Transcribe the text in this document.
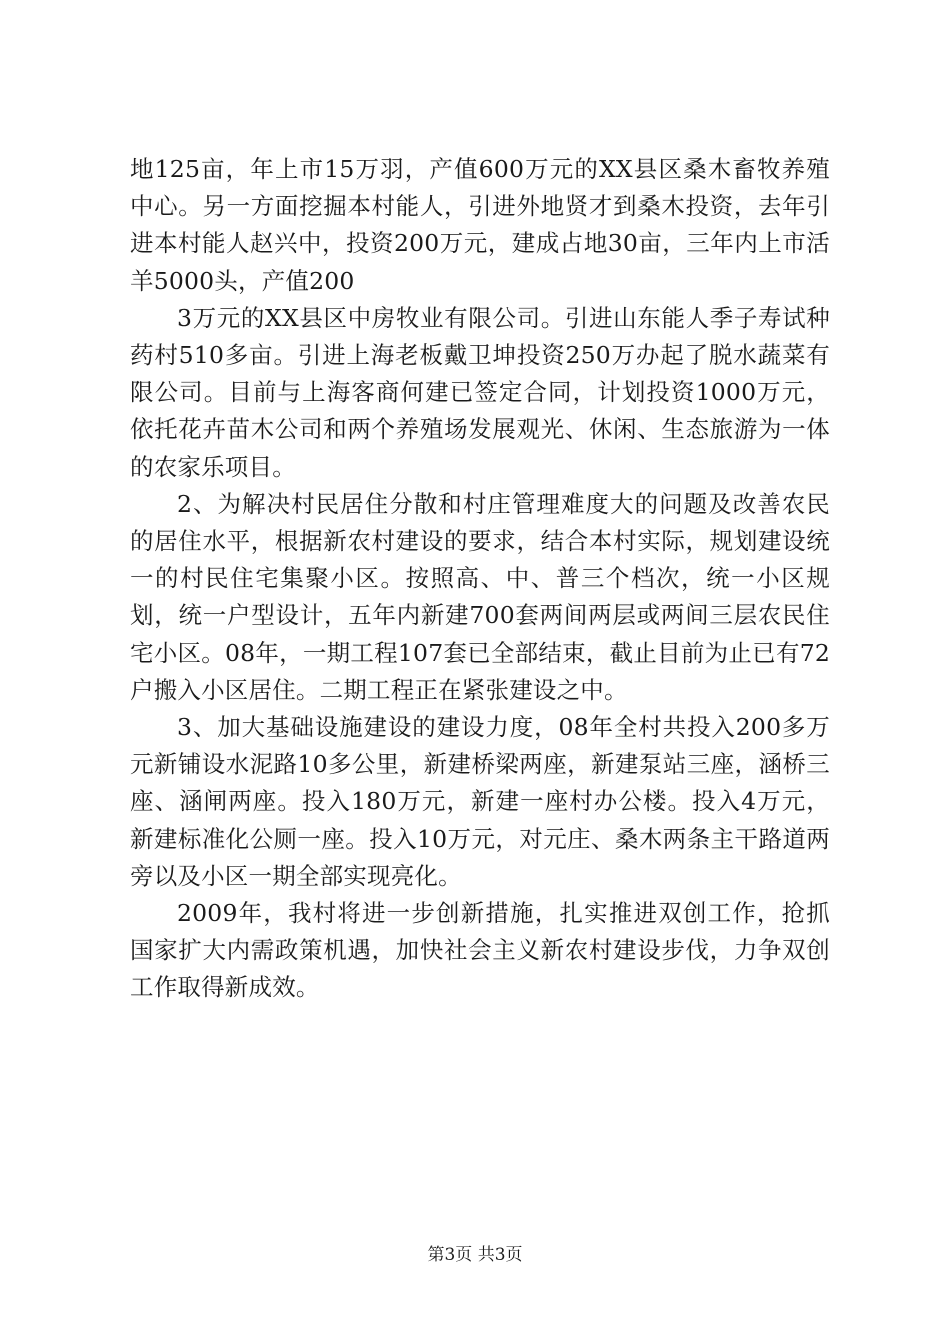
地125亩，年上市15万羽，产值600万元的XX县区桑木畜牧养殖中心。另一方面挖掘本村能人，引进外地贤才到桑木投资，去年引进本村能人赵兴中，投资200万元，建成占地30亩，三年内上市活羊5000头，产值200

3万元的XX县区中房牧业有限公司。引进山东能人季子寿试种药村510多亩。引进上海老板戴卫坤投资250万办起了脱水蔬菜有限公司。目前与上海客商何建已签定合同，计划投资1000万元，依托花卉苗木公司和两个养殖场发展观光、休闲、生态旅游为一体的农家乐项目。

2、为解决村民居住分散和村庄管理难度大的问题及改善农民的居住水平，根据新农村建设的要求，结合本村实际，规划建设统一的村民住宅集聚小区。按照高、中、普三个档次，统一小区规划，统一户型设计，五年内新建700套两间两层或两间三层农民住宅小区。08年，一期工程107套已全部结束，截止目前为止已有72户搬入小区居住。二期工程正在紧张建设之中。

3、加大基础设施建设的建设力度，08年全村共投入200多万元新铺设水泥路10多公里，新建桥梁两座，新建泵站三座，涵桥三座、涵闸两座。投入180万元，新建一座村办公楼。投入4万元，新建标准化公厕一座。投入10万元，对元庄、桑木两条主干路道两旁以及小区一期全部实现亮化。

2009年，我村将进一步创新措施，扎实推进双创工作，抢抓国家扩大内需政策机遇，加快社会主义新农村建设步伐，力争双创工作取得新成效。

第3页 共3页
